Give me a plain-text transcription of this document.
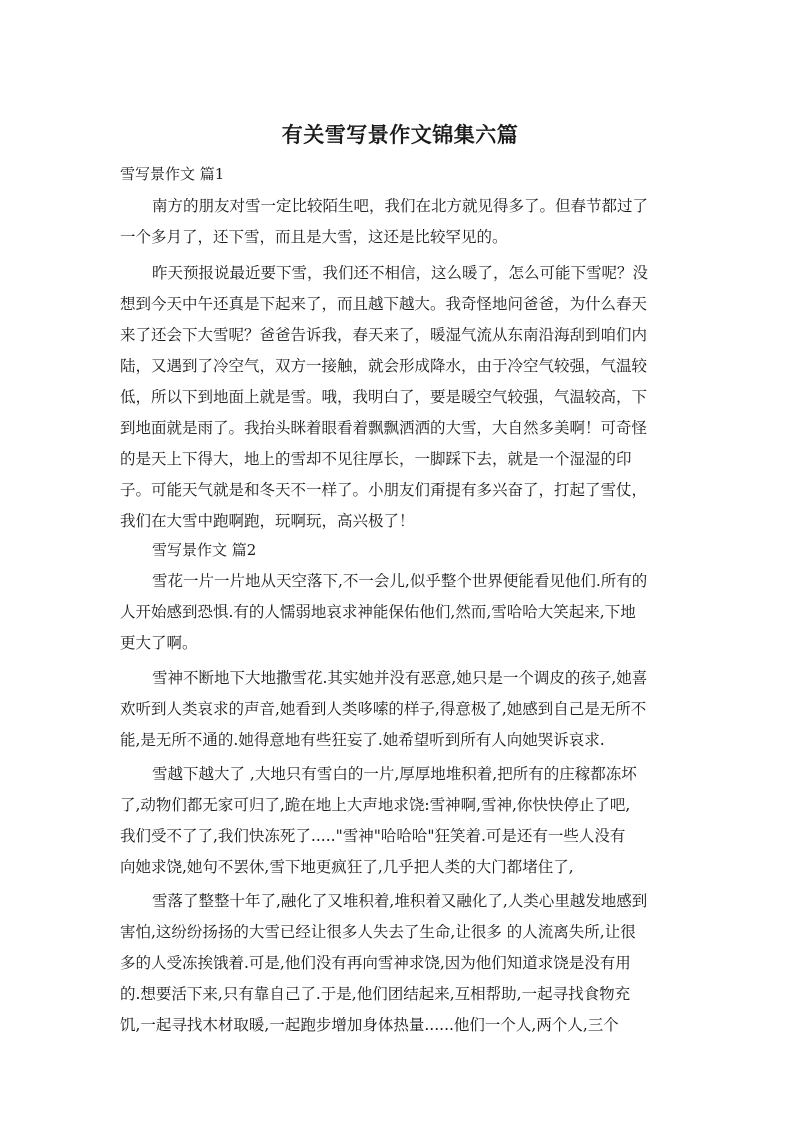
有关雪写景作文锦集六篇
雪写景作文 篇1
南方的朋友对雪一定比较陌生吧，我们在北方就见得多了。但春节都过了
一个多月了，还下雪，而且是大雪，这还是比较罕见的。
昨天预报说最近要下雪，我们还不相信，这么暖了，怎么可能下雪呢？没
想到今天中午还真是下起来了，而且越下越大。我奇怪地问爸爸，为什么春天
来了还会下大雪呢？爸爸告诉我，春天来了，暖湿气流从东南沿海刮到咱们内
陆，又遇到了冷空气，双方一接触，就会形成降水，由于冷空气较强，气温较
低，所以下到地面上就是雪。哦，我明白了，要是暖空气较强，气温较高，下
到地面就是雨了。我抬头眯着眼看着飘飘洒洒的大雪，大自然多美啊！可奇怪
的是天上下得大，地上的雪却不见往厚长，一脚踩下去，就是一个湿湿的印
子。可能天气就是和冬天不一样了。小朋友们甭提有多兴奋了，打起了雪仗，
我们在大雪中跑啊跑，玩啊玩，高兴极了！
雪写景作文 篇2
雪花一片一片地从天空落下,不一会儿,似乎整个世界便能看见他们.所有的
人开始感到恐惧.有的人懦弱地哀求神能保佑他们,然而,雪哈哈大笑起来,下地
更大了啊。
雪神不断地下大地撒雪花.其实她并没有恶意,她只是一个调皮的孩子,她喜
欢听到人类哀求的声音,她看到人类哆嗦的样子,得意极了,她感到自己是无所不
能,是无所不通的.她得意地有些狂妄了.她希望听到所有人向她哭诉哀求.
雪越下越大了 ,大地只有雪白的一片,厚厚地堆积着,把所有的庄稼都冻坏
了,动物们都无家可归了,跪在地上大声地求饶:雪神啊,雪神,你快快停止了吧,
我们受不了了,我们快冻死了....."雪神"哈哈哈"狂笑着.可是还有一些人没有
向她求饶,她句不罢休,雪下地更疯狂了,几乎把人类的大门都堵住了,
雪落了整整十年了,融化了又堆积着,堆积着又融化了,人类心里越发地感到
害怕,这纷纷扬扬的大雪已经让很多人失去了生命,让很多 的人流离失所,让很
多的人受冻挨饿着.可是,他们没有再向雪神求饶,因为他们知道求饶是没有用
的.想要活下来,只有靠自己了.于是,他们团结起来,互相帮助,一起寻找食物充
饥,一起寻找木材取暖,一起跑步增加身体热量......他们一个人,两个人,三个
